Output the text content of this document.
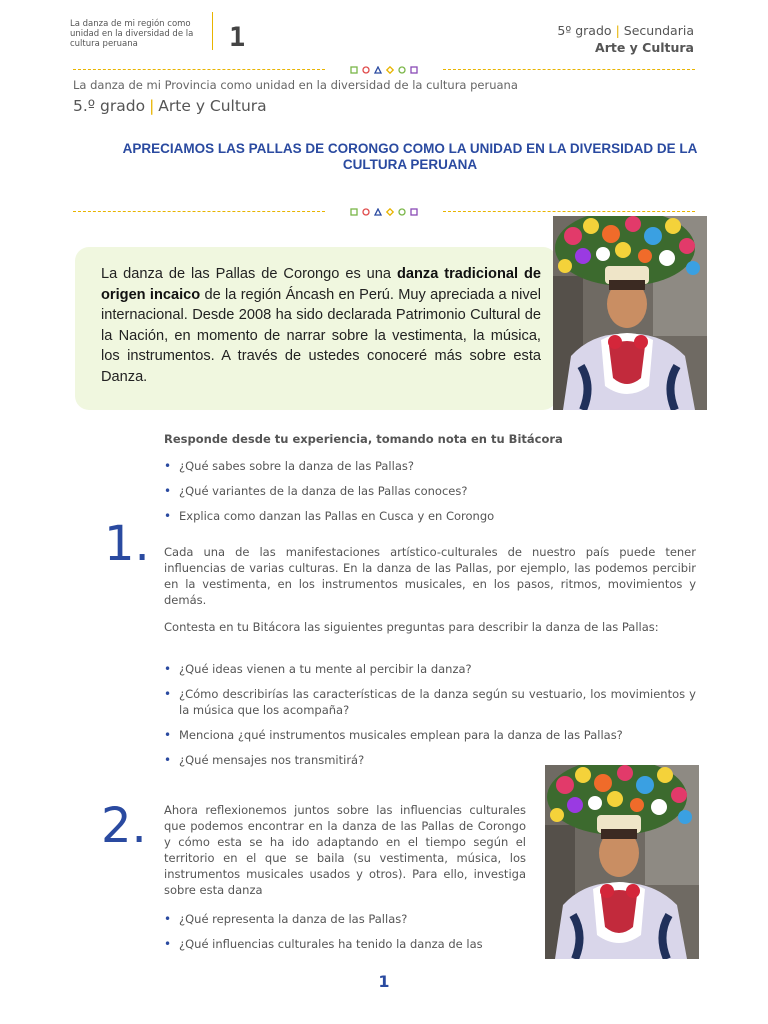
La danza de mi región como unidad en la diversidad de la cultura peruana	1	5º grado | Secundaria
Arte y Cultura
La danza de mi Provincia como unidad en la diversidad de la cultura peruana
5.º grado | Arte y Cultura
APRECIAMOS LAS PALLAS DE CORONGO COMO LA UNIDAD EN LA DIVERSIDAD DE LA CULTURA PERUANA
La danza de las Pallas de Corongo es una danza tradicional de origen incaico de la región Áncash en Perú. Muy apreciada a nivel internacional. Desde 2008 ha sido declarada Patrimonio Cultural de la Nación, en momento de narrar sobre la vestimenta, la música, los instrumentos. A través de ustedes conoceré más sobre esta Danza.
Responde desde tu experiencia, tomando nota en tu Bitácora
• ¿Qué sabes sobre la danza de las Pallas?
• ¿Qué variantes de la danza de las Pallas conoces?
• Explica como danzan las Pallas en Cusca y en Corongo
1. Cada una de las manifestaciones artístico-culturales de nuestro país puede tener influencias de varias culturas. En la danza de las Pallas, por ejemplo, las podemos percibir en la vestimenta, en los instrumentos musicales, en los pasos, ritmos, movimientos y demás.
Contesta en tu Bitácora las siguientes preguntas para describir la danza de las Pallas:
• ¿Qué ideas vienen a tu mente al percibir la danza?
• ¿Cómo describirías las características de la danza según su vestuario, los movimientos y la música que los acompaña?
• Menciona ¿qué instrumentos musicales emplean para la danza de las Pallas?
• ¿Qué mensajes nos transmitirá?
2. Ahora reflexionemos juntos sobre las influencias culturales que podemos encontrar en la danza de las Pallas de Corongo y cómo esta se ha ido adaptando en el tiempo según el territorio en el que se baila (su vestimenta, música, los instrumentos musicales usados y otros). Para ello, investiga sobre esta danza
• ¿Qué representa la danza de las Pallas?
• ¿Qué influencias culturales ha tenido la danza de las
1
